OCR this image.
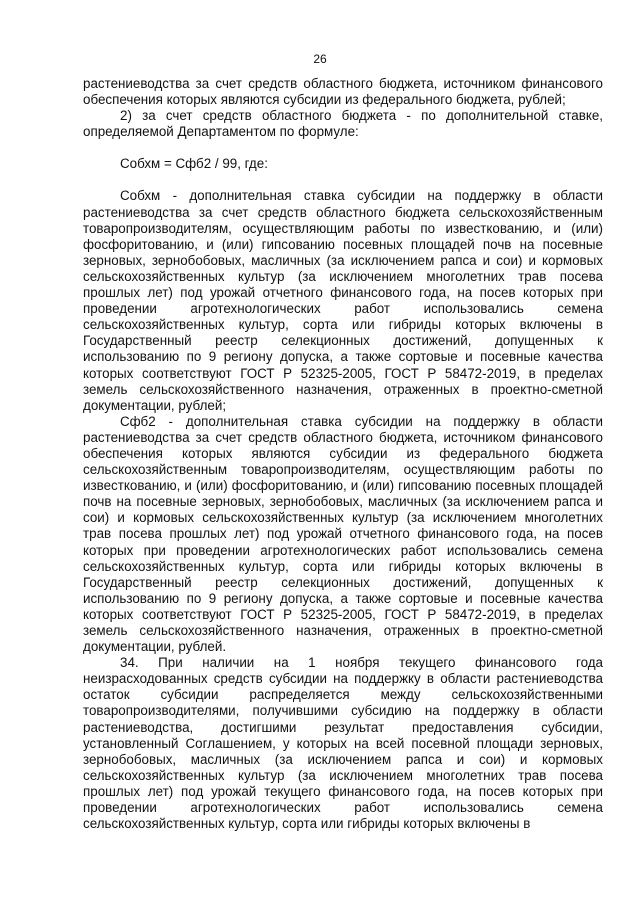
26

растениеводства за счет средств областного бюджета, источником финансового обеспечения которых являются субсидии из федерального бюджета, рублей;

2) за счет средств областного бюджета - по дополнительной ставке, определяемой Департаментом по формуле:

Собхм = Сфб2 / 99, где:

Собхм - дополнительная ставка субсидии на поддержку в области растениеводства за счет средств областного бюджета сельскохозяйственным товаропроизводителям, осуществляющим работы по известкованию, и (или) фосфоритованию, и (или) гипсованию посевных площадей почв на посевные зерновых, зернобобовых, масличных (за исключением рапса и сои) и кормовых сельскохозяйственных культур (за исключением многолетних трав посева прошлых лет) под урожай отчетного финансового года, на посев которых при проведении агротехнологических работ использовались семена сельскохозяйственных культур, сорта или гибриды которых включены в Государственный реестр селекционных достижений, допущенных к использованию по 9 региону допуска, а также сортовые и посевные качества которых соответствуют ГОСТ Р 52325-2005, ГОСТ Р 58472-2019, в пределах земель сельскохозяйственного назначения, отраженных в проектно-сметной документации, рублей;

Сфб2 - дополнительная ставка субсидии на поддержку в области растениеводства за счет средств областного бюджета, источником финансового обеспечения которых являются субсидии из федерального бюджета сельскохозяйственным товаропроизводителям, осуществляющим работы по известкованию, и (или) фосфоритованию, и (или) гипсованию посевных площадей почв на посевные зерновых, зернобобовых, масличных (за исключением рапса и сои) и кормовых сельскохозяйственных культур (за исключением многолетних трав посева прошлых лет) под урожай отчетного финансового года, на посев которых при проведении агротехнологических работ использовались семена сельскохозяйственных культур, сорта или гибриды которых включены в Государственный реестр селекционных достижений, допущенных к использованию по 9 региону допуска, а также сортовые и посевные качества которых соответствуют ГОСТ Р 52325-2005, ГОСТ Р 58472-2019, в пределах земель сельскохозяйственного назначения, отраженных в проектно-сметной документации, рублей.

34. При наличии на 1 ноября текущего финансового года неизрасходованных средств субсидии на поддержку в области растениеводства остаток субсидии распределяется между сельскохозяйственными товаропроизводителями, получившими субсидию на поддержку в области растениеводства, достигшими результат предоставления субсидии, установленный Соглашением, у которых на всей посевной площади зерновых, зернобобовых, масличных (за исключением рапса и сои) и кормовых сельскохозяйственных культур (за исключением многолетних трав посева прошлых лет) под урожай текущего финансового года, на посев которых при проведении агротехнологических работ использовались семена сельскохозяйственных культур, сорта или гибриды которых включены в
